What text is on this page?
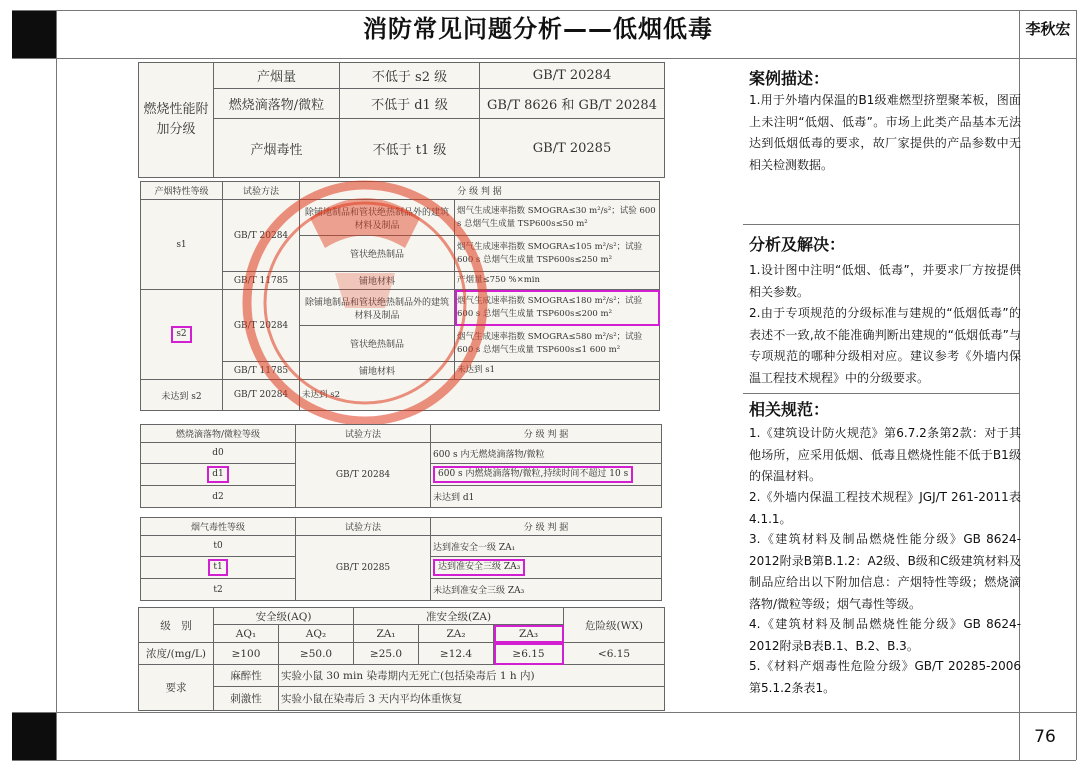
消防常见问题分析——低烟低毒	李秋宏
76
燃烧性能附加分级	产烟量	不低于 s2 级	GB/T 20284
	燃烧滴落物/微粒	不低于 d1 级	GB/T 8626 和 GB/T 20284
	产烟毒性	不低于 t1 级	GB/T 20285
产烟特性等级	试验方法	分 级 判 据	
s1	GB/T 20284	除铺地制品和管状绝热制品外的建筑材料及制品	烟气生成速率指数 SMOGRA≤30 m²/s²；试验 600 s 总烟气生成量 TSP600s≤50 m²
		管状绝热制品	烟气生成速率指数 SMOGRA≤105 m²/s²；试验 600 s 总烟气生成量 TSP600s≤250 m²
	GB/T 11785	铺地材料	产烟量≤750 %×min
s2	GB/T 20284	除铺地制品和管状绝热制品外的建筑材料及制品	烟气生成速率指数 SMOGRA≤180 m²/s²；试验 600 s 总烟气生成量 TSP600s≤200 m²
		管状绝热制品	烟气生成速率指数 SMOGRA≤580 m²/s²；试验 600 s 总烟气生成量 TSP600s≤1 600 m²
	GB/T 11785	铺地材料	未达到 s1
未达到 s2	GB/T 20284	未达到 s2	
燃烧滴落物/微粒等级	试验方法	分 级 判 据
d0	GB/T 20284	600 s 内无燃烧滴落物/微粒
d1		600 s 内燃烧滴落物/微粒,持续时间不超过 10 s
d2		未达到 d1
烟气毒性等级	试验方法	分 级 判 据
t0	GB/T 20285	达到准安全一级 ZA₁
t1		达到准安全三级 ZA₃
t2		未达到准安全三级 ZA₃
级　别	安全级(AQ)		准安全级(ZA)			危险级(WX)
	AQ₁	AQ₂	ZA₁	ZA₂	ZA₃	
浓度/(mg/L)	≥100	≥50.0	≥25.0	≥12.4	≥6.15	<6.15
要求	麻醉性	实验小鼠 30 min 染毒期内无死亡(包括染毒后 1 h 内)				
	刺激性	实验小鼠在染毒后 3 天内平均体重恢复				
案例描述：

1.用于外墙内保温的B1级难燃型挤塑聚苯板，图面上未注明“低烟、低毒”。市场上此类产品基本无法达到低烟低毒的要求，故厂家提供的产品参数中无相关检测数据。

分析及解决：

1.设计图中注明“低烟、低毒”，并要求厂方按提供相关参数。

2.由于专项规范的分级标准与建规的“低烟低毒”的表述不一致,故不能准确判断出建规的“低烟低毒”与专项规范的哪种分级相对应。建议参考《外墙内保温工程技术规程》中的分级要求。

相关规范：

1.《建筑设计防火规范》第6.7.2条第2款：对于其他场所，应采用低烟、低毒且燃烧性能不低于B1级的保温材料。

2.《外墙内保温工程技术规程》JGJ/T 261-2011表4.1.1。

3.《建筑材料及制品燃烧性能分级》GB 8624-2012附录B第B.1.2：A2级、B级和C级建筑材料及制品应给出以下附加信息：产烟特性等级；燃烧滴落物/微粒等级；烟气毒性等级。

4.《建筑材料及制品燃烧性能分级》GB 8624-2012附录B表B.1、B.2、B.3。

5.《材料产烟毒性危险分级》GB/T 20285-2006第5.1.2条表1。
